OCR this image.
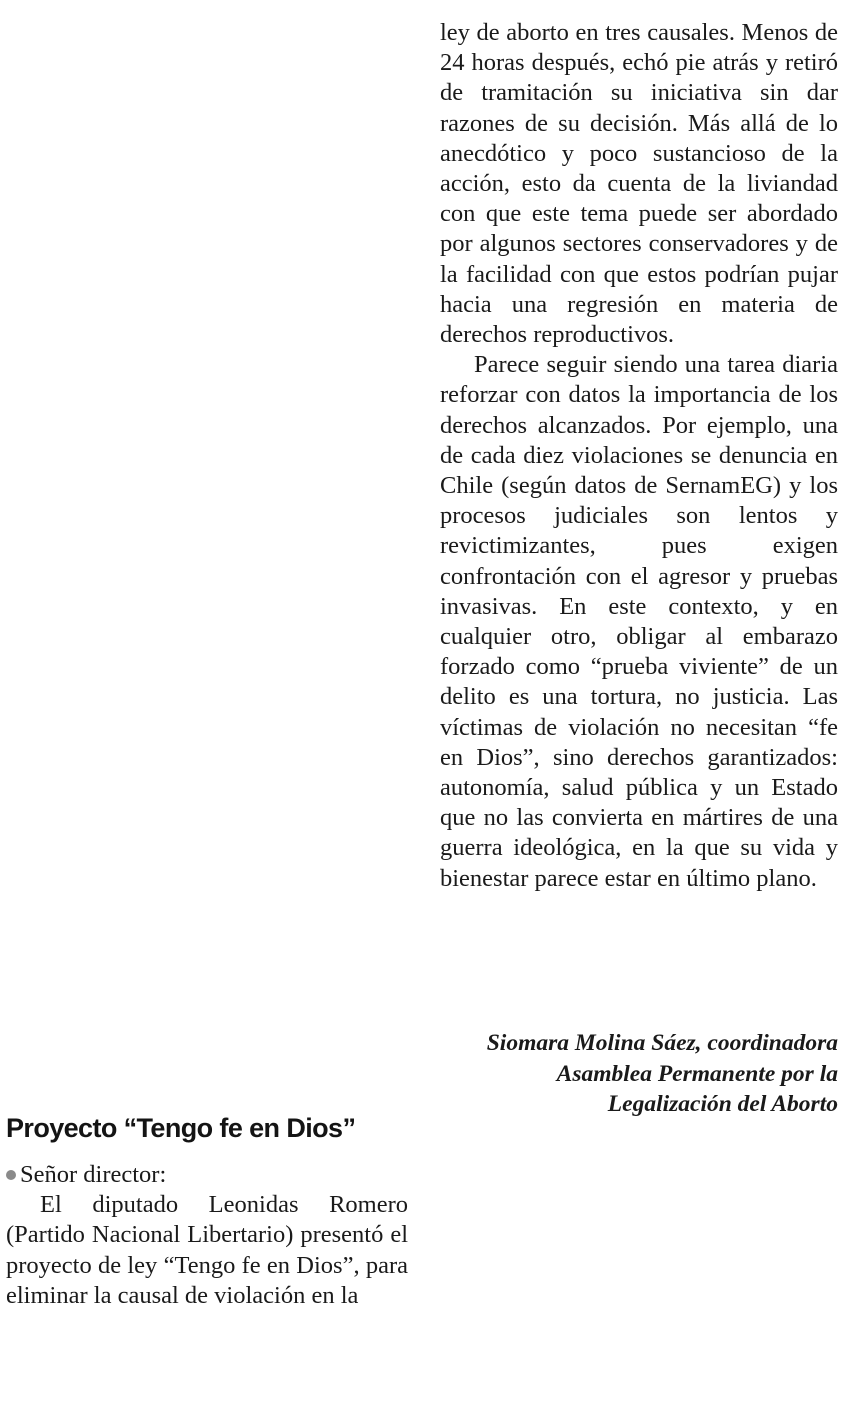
ley de aborto en tres causales. Menos de 24 horas después, echó pie atrás y retiró de tramitación su iniciativa sin dar razones de su decisión. Más allá de lo anecdótico y poco sustancioso de la acción, esto da cuenta de la liviandad con que este tema puede ser abordado por algunos sectores conservadores y de la facilidad con que estos podrían pujar hacia una regresión en materia de derechos reproductivos.

Parece seguir siendo una tarea diaria reforzar con datos la importancia de los derechos alcanzados. Por ejemplo, una de cada diez violaciones se denuncia en Chile (según datos de SernamEG) y los procesos judiciales son lentos y revictimizantes, pues exigen confrontación con el agresor y pruebas invasivas. En este contexto, y en cualquier otro, obligar al embarazo forzado como “prueba viviente” de un delito es una tortura, no justicia. Las víctimas de violación no necesitan “fe en Dios”, sino derechos garantizados: autonomía, salud pública y un Estado que no las convierta en mártires de una guerra ideológica, en la que su vida y bienestar parece estar en último plano.

Siomara Molina Sáez, coordinadora Asamblea Permanente por la Legalización del Aborto
Proyecto “Tengo fe en Dios”

Señor director:

El diputado Leonidas Romero (Partido Nacional Libertario) presentó el proyecto de ley “Tengo fe en Dios”, para eliminar la causal de violación en la
